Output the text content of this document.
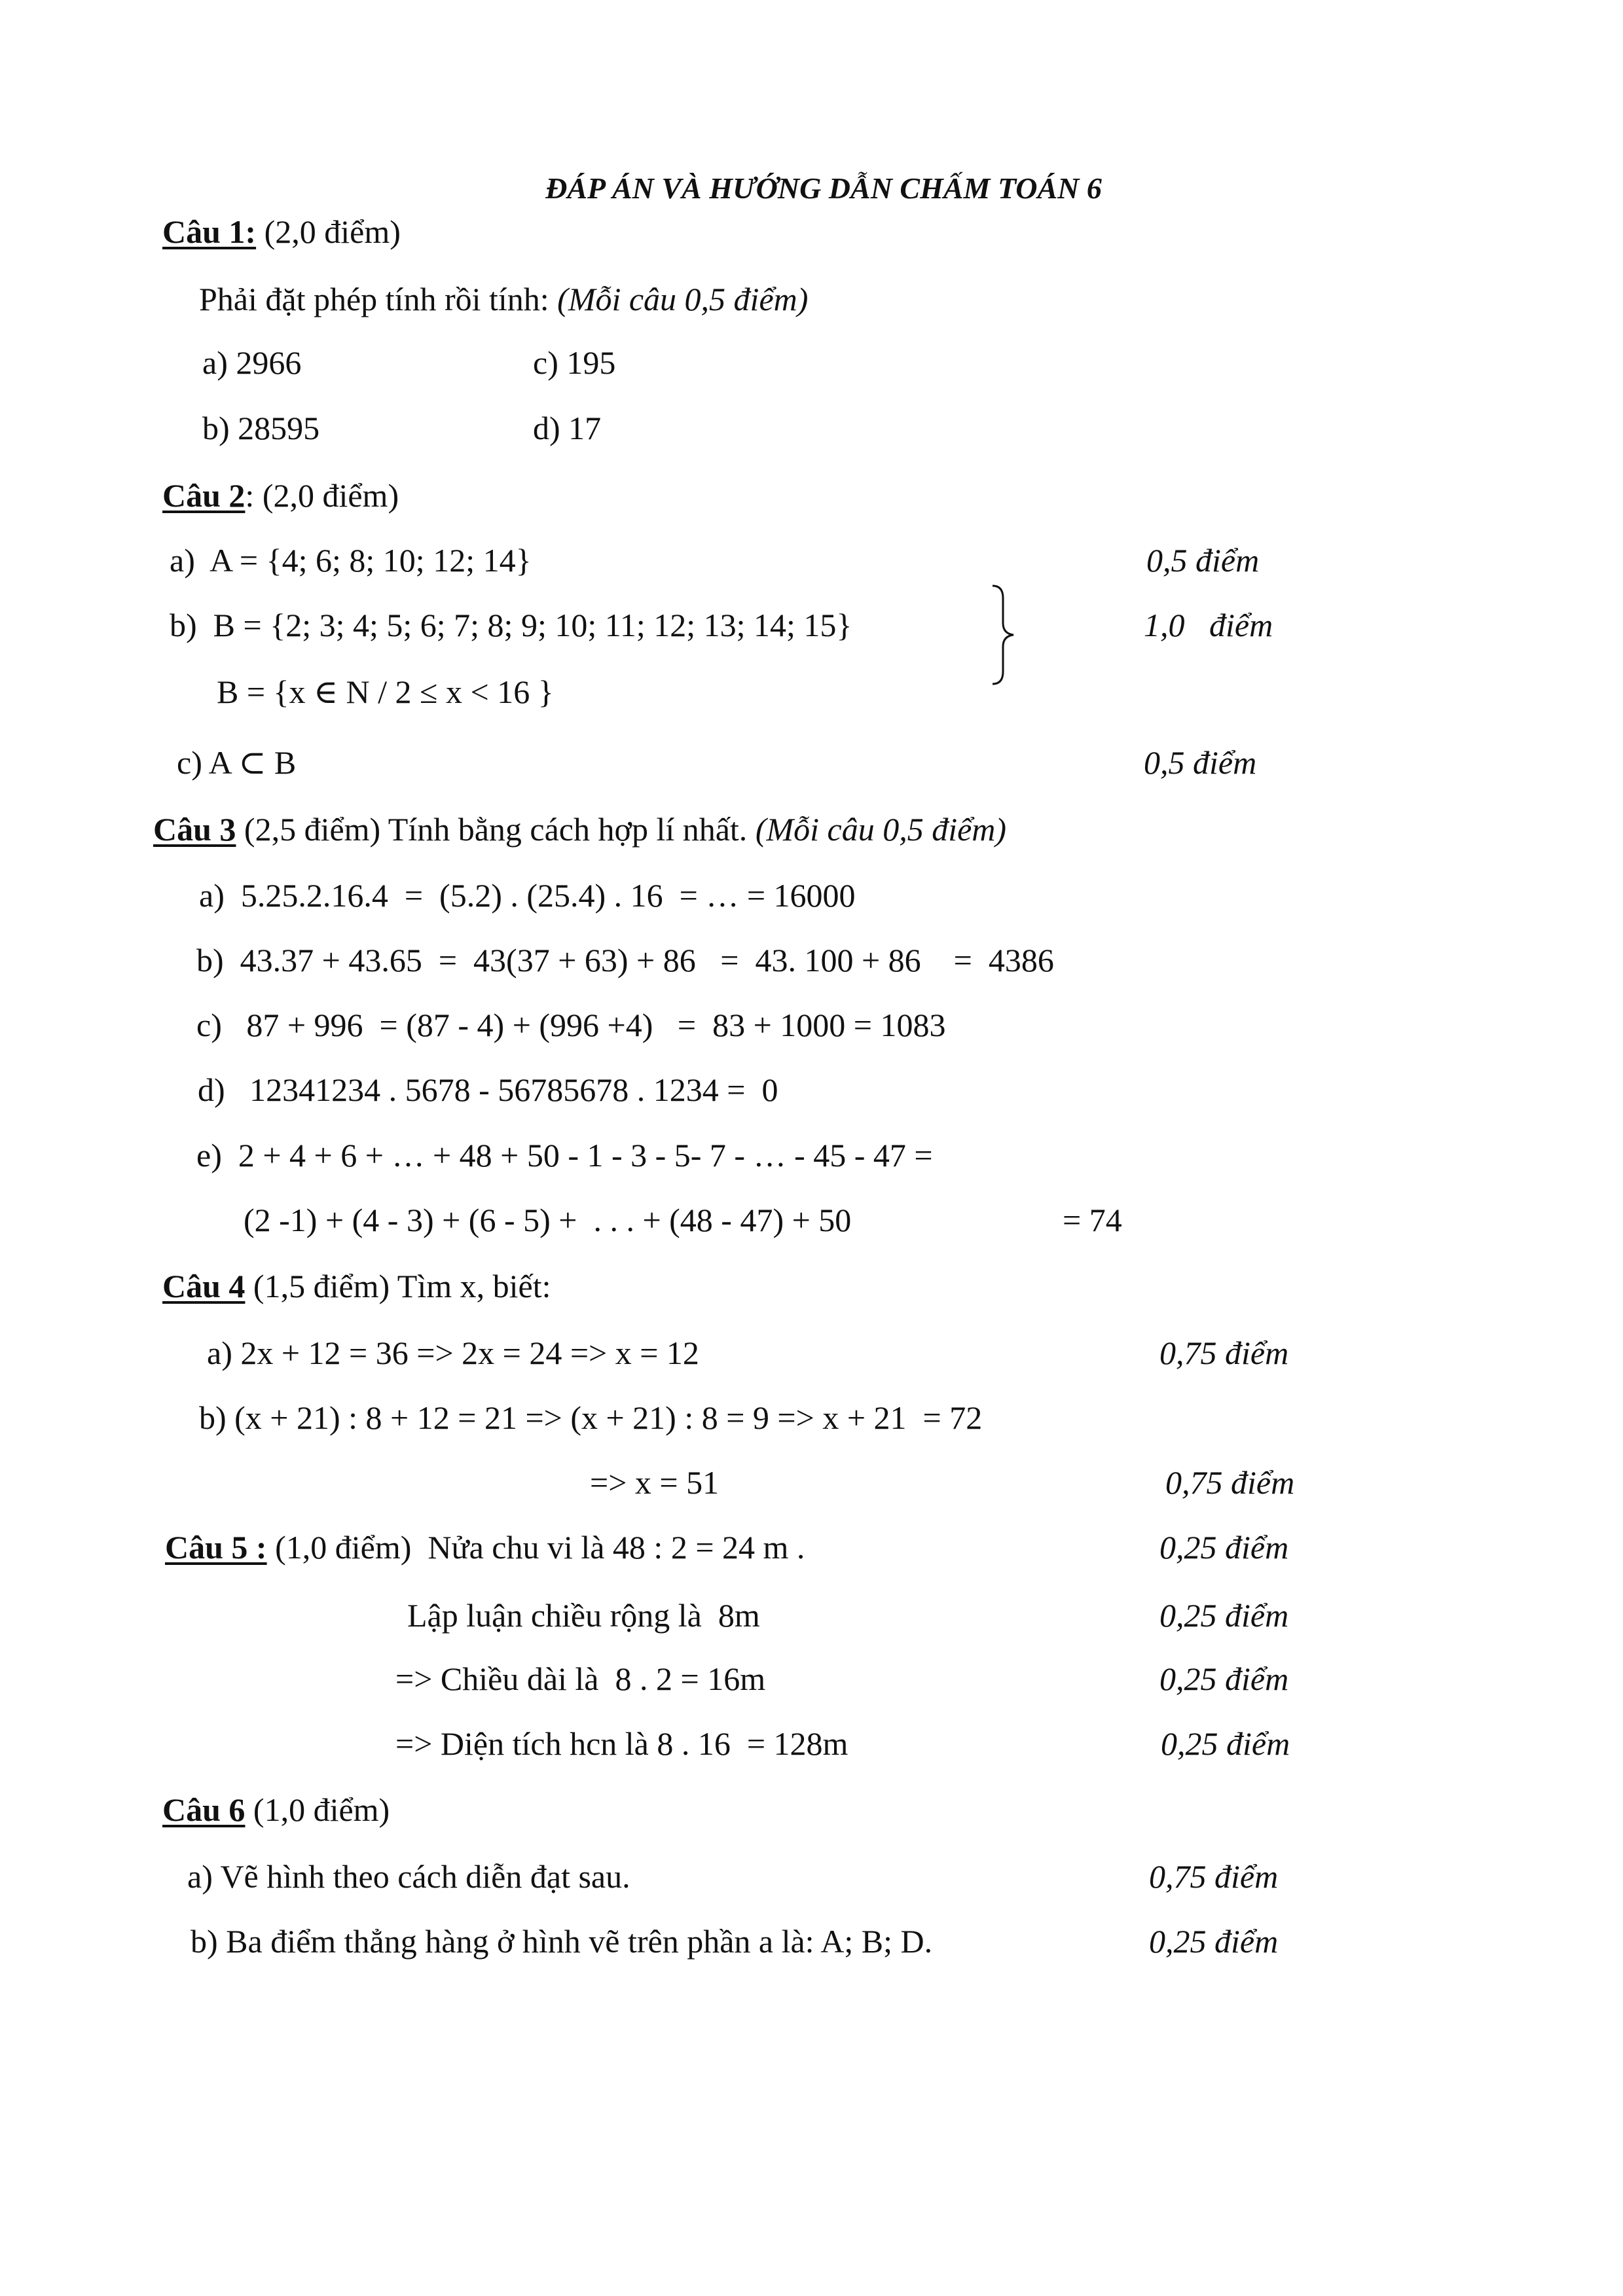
ĐÁP ÁN VÀ HƯỚNG DẪN CHẤM TOÁN 6
Câu 1: (2,0 điểm)
Phải đặt phép tính rồi tính: (Mỗi câu 0,5 điểm)
a) 2966	c) 195
b) 28595	d) 17
Câu 2: (2,0 điểm)
a)  A = {4; 6; 8; 10; 12; 14}	0,5 điểm
b)  B = {2; 3; 4; 5; 6; 7; 8; 9; 10; 11; 12; 13; 14; 15}	1,0   điểm
B = {x ∈ N / 2 ≤ x < 16 }
c) A ⊂ B	0,5 điểm
Câu 3 (2,5 điểm) Tính bằng cách hợp lí nhất. (Mỗi câu 0,5 điểm)
a)  5.25.2.16.4  =  (5.2) . (25.4) . 16  = … = 16000
b)  43.37 + 43.65  =  43(37 + 63) + 86   =  43. 100 + 86    =  4386
c)   87 + 996  = (87 - 4) + (996 +4)   =  83 + 1000 = 1083
d)   12341234 . 5678 - 56785678 . 1234 =  0
e)  2 + 4 + 6 + … + 48 + 50 - 1 - 3 - 5- 7 - … - 45 - 47 =
(2 -1) + (4 - 3) + (6 - 5) +  . . . + (48 - 47) + 50	= 74
Câu 4 (1,5 điểm) Tìm x, biết:
a) 2x + 12 = 36 => 2x = 24 => x = 12	0,75 điểm
b) (x + 21) : 8 + 12 = 21 => (x + 21) : 8 = 9 => x + 21  = 72
=> x = 51	0,75 điểm
Câu 5 : (1,0 điểm)  Nửa chu vi là 48 : 2 = 24 m .	0,25 điểm
Lập luận chiều rộng là  8m	0,25 điểm
=> Chiều dài là  8 . 2 = 16m	0,25 điểm
=> Diện tích hcn là 8 . 16  = 128m	0,25 điểm
Câu 6 (1,0 điểm)
a) Vẽ hình theo cách diễn đạt sau.	0,75 điểm
b) Ba điểm thẳng hàng ở hình vẽ trên phần a là: A; B; D.	0,25 điểm
